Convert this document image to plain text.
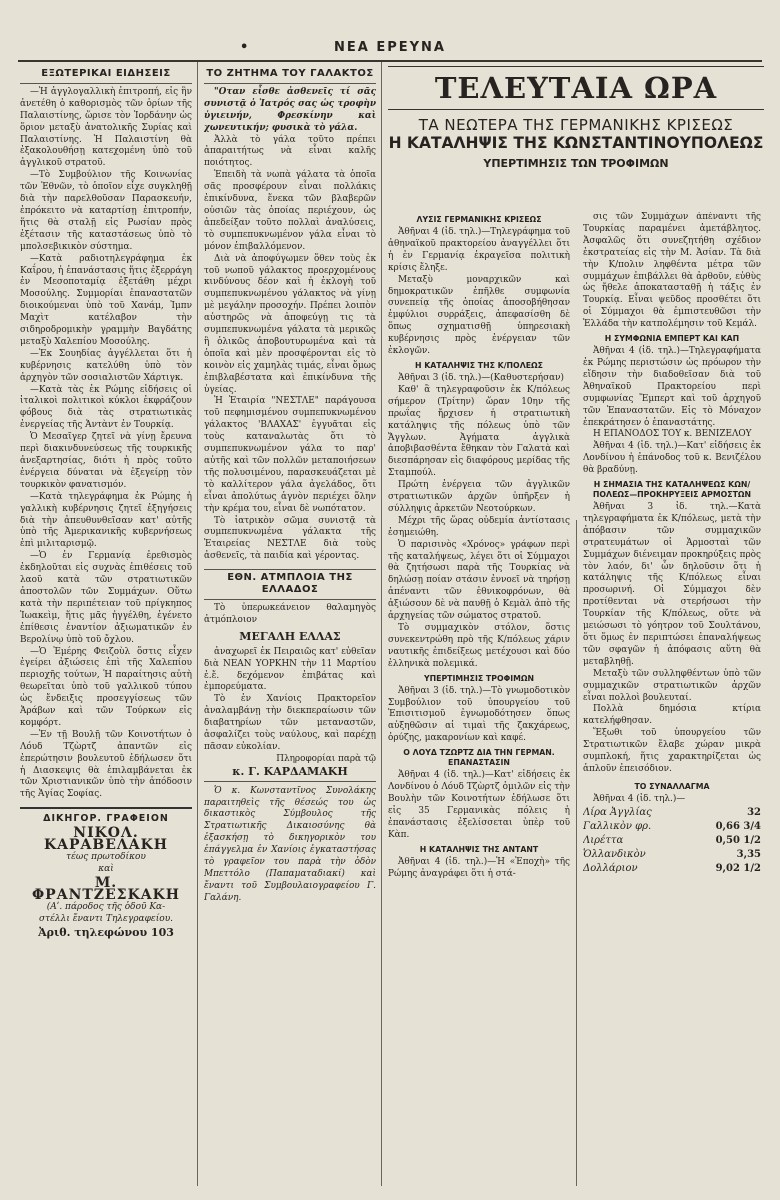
•	ΝΕΑ ΕΡΕΥΝΑ
ΕΞΩΤΕΡΙΚΑΙ ΕΙΔΗΣΕΙΣ

—Ἡ ἀγγλογαλλικὴ ἐπιτροπή, εἰς ἣν ἀνετέθη ὁ καθορισμὸς τῶν ὁρίων τῆς Παλαιστίνης, ὥρισε τὸν Ἰορδάνην ὡς ὅριον μεταξὺ ἀνατολικῆς Συρίας καὶ Παλαιστίνης. Ἡ Παλαιστίνη θὰ ἐξακολουθήσῃ κατεχομένη ὑπὸ τοῦ ἀγγλικοῦ στρατοῦ.

—Τὸ Συμβούλιον τῆς Κοινωνίας τῶν Ἐθνῶν, τὸ ὁποῖον εἶχε συγκληθῇ διὰ τὴν παρελθοῦσαν Παρασκευήν, ἐπρόκειτο νὰ καταρτίσῃ ἐπιτροπήν, ἥτις θὰ σταλῇ εἰς Ρωσίαν πρὸς ἐξέτασιν τῆς καταστάσεως ὑπὸ τὸ μπολσεβικικὸν σύστημα.

—Κατὰ ραδιοτηλεγράφημα ἐκ Καΐρου, ἡ ἐπανάστασις ἥτις ἐξερράγη ἐν Μεσοποταμίᾳ ἐξετάθη μέχρι Μοσούλης. Συμμορίαι ἐπαναστατῶν διοικούμεναι ὑπὸ τοῦ Χανάμ, Ἰμπν Μαχὶτ κατέλαβον τὴν σιδηροδρομικὴν γραμμὴν Βαγδάτης μεταξὺ Χαλεπίου Μοσούλης.

—Ἐκ Σουηδίας ἀγγέλλεται ὅτι ἡ κυβέρνησις κατελύθη ὑπὸ τὸν ἀρχηγὸν τῶν σοσιαλιστῶν Χάρτιγκ.

—Κατὰ τὰς ἐκ Ρώμης εἰδήσεις οἱ ἰταλικοὶ πολιτικοὶ κύκλοι ἐκφράζουν φόβους διὰ τὰς στρατιωτικὰς ἐνεργείας τῆς Ἀντὰντ ἐν Τουρκίᾳ.

Ὁ Μεσαῖγερ ζητεῖ νὰ γίνῃ ἔρευνα περὶ διακινδυνεύσεως τῆς τουρκικῆς ἀνεξαρτησίας, διότι ἡ πρὸς τοῦτο ἐνέργεια δύναται νὰ ἐξεγείρῃ τὸν τουρκικὸν φανατισμόν.

—Κατὰ τηλεγράφημα ἐκ Ρώμης ἡ γαλλικὴ κυβέρνησις ζητεῖ ἐξηγήσεις διὰ τὴν ἀπευθυνθεῖσαν κατ' αὐτῆς ὑπὸ τῆς Ἀμερικανικῆς κυβερνήσεως ἐπὶ μιλιταρισμῷ.

—Ὁ ἐν Γερμανίᾳ ἐρεθισμὸς ἐκδηλοῦται εἰς συχνὰς ἐπιθέσεις τοῦ λαοῦ κατὰ τῶν στρατιωτικῶν ἀποστολῶν τῶν Συμμάχων. Οὕτω κατὰ τὴν περιπέτειαν τοῦ πρίγκηπος Ἰωακεὶμ, ἥτις μᾶς ἠγγέλθη, ἐγένετο ἐπίθεσις ἐναντίον ἀξιωματικῶν ἐν Βερολίνῳ ὑπὸ τοῦ ὄχλου.

—Ὁ Ἐμέρης Φειζοὺλ ὅστις εἶχεν ἐγείρει ἀξιώσεις ἐπὶ τῆς Χαλεπίου περιοχῆς τούτων, Ἡ παραίτησις αὐτὴ θεωρεῖται ὑπὸ τοῦ γαλλικοῦ τύπου ὡς ἔνδειξις προσεγγίσεως τῶν Ἀράβων καὶ τῶν Τούρκων εἰς κομφόρτ.

—Ἐν τῇ Βουλῇ τῶν Κοινοτήτων ὁ Λόυδ Τζὼρτζ ἀπαντῶν εἰς ἐπερώτησιν βουλευτοῦ ἐδήλωσεν ὅτι ἡ Διασκεψις θὰ ἐπιλαμβάνεται ἐκ τῶν Χριστιανικῶν ὑπὸ τὴν ἀπόδοσιν τῆς Ἁγίας Σοφίας.

ΔΙΚΗΓΟΡ. ΓΡΑΦΕΙΟΝ
ΝΙΚΟΛ. ΚΑΡΑΒΕΛΑΚΗ
τέως πρωτοδίκου
καὶ
Μ. ΦΡΑΝΤΖΕΣΚΑΚΗ
(Αʹ. πάροδος τῆς ὁδοῦ Κα-
στέλλι ἔναντι Τηλεγραφείου.
Ἀριθ. τηλεφώνου 103
ΤΟ ΖΗΤΗΜΑ ΤΟΥ ΓΑΛΑΚΤΟΣ

"Οταν εἶσθε ἀσθενεῖς τί σᾶς συνιστᾷ ὁ Ἰατρός σας ὡς τροφὴν ὑγιεινήν, Φρεσκίνην καὶ χωνευτικήν; φυσικὰ τὸ γάλα.

Ἀλλὰ τὸ γάλα τοῦτο πρέπει ἀπαραιτήτως νὰ εἶναι καλῆς ποιότητος.

Ἐπειδὴ τὰ νωπὰ γάλατα τὰ ὁποῖα σᾶς προσφέρουν εἶναι πολλάκις ἐπικίνδυνα, ἕνεκα τῶν βλαβερῶν οὐσιῶν τὰς ὁποίας περιέχουν, ὡς ἀπεδείξαν τοῦτο πολλαὶ ἀναλύσεις, τὸ συμπεπυκνωμένον γάλα εἶναι τὸ μόνον ἐπιβαλλόμενον.

Διὰ νὰ ἀποφύγωμεν ὅθεν τοὺς ἐκ τοῦ νωποῦ γάλακτος προερχομένους κινδύνους δέον καὶ ἡ ἐκλογὴ τοῦ συμπεπυκνωμένου γάλακτος νὰ γίνῃ μὲ μεγάλην προσοχήν. Πρέπει λοιπὸν αὐστηρῶς νὰ ἀποφεύγῃ τις τὰ συμπεπυκνωμένα γάλατα τὰ μερικῶς ἢ ὁλικῶς ἀποβουτυρωμένα καὶ τὰ ὁποῖα καὶ μὲν προσφέρονται εἰς τὸ κοινὸν εἰς χαμηλὰς τιμάς, εἶναι ὅμως ἐπιβλαβέστατα καὶ ἐπικίνδυνα τῆς ὑγείας.

Ἡ Ἑταιρία "ΝΕΣΤΛΕ" παράγουσα τοῦ πεφημισμένου συμπεπυκνωμένου γάλακτος 'ΒΛΑΧΑΣ' ἐγγυᾶται εἰς τοὺς καταναλωτὰς ὅτι τὸ συμπεπυκνωμένον γάλα το παρ' αὐτῆς καὶ τῶν πολλῶν μεταποιήσεων τῆς πολυσιμένου, παρασκευάζεται μὲ τὸ καλλίτερον γάλα ἀγελάδος, ὅτι εἶναι ἀπολύτως ἁγνὸν περιέχει ὅλην τὴν κρέμα του, εἶναι δὲ νωπότατον.

Τὸ ἰατρικὸν σῶμα συνιστᾷ τὰ συμπεπυκνωμένα γάλακτα τῆς Ἑταιρείας ΝΕΣΤΛΕ διὰ τοὺς ἀσθενεῖς, τὰ παιδία καὶ γέροντας.

ΕΘΝ. ΑΤΜΠΛΟΙΑ ΤΗΣ ΕΛΛΑΔΟΣ

Τὸ ὑπερωκεάνειον θαλαμηγὸς ἀτμόπλοιον

ΜΕΓΑΛΗ ΕΛΛΑΣ

ἀναχωρεῖ ἐκ Πειραιῶς κατ' εὐθεῖαν διὰ ΝΕΑΝ ΥΟΡΚΗΝ τὴν 11 Μαρτίου ἐ.ἔ. δεχόμενον ἐπιβάτας καὶ ἐμπορεύματα.

Τὸ ἐν Χανίοις Πρακτορεῖον ἀναλαμβάνῃ τὴν διεκπεραίωσιν τῶν διαβατηρίων τῶν μεταναστῶν, ἀσφαλίζει τοὺς ναύλους, καὶ παρέχῃ πᾶσαν εὐκολίαν.

Πληροφορίαι παρὰ τῷ

κ. Γ. ΚΑΡΔΑΜΑΚΗ

Ὁ κ. Κωνσταντῖνος Συνολάκης παραιτηθεὶς τῆς θέσεώς του ὡς δικαστικὸς Σύμβουλος τῆς Στρατιωτικῆς Δικαιοσύνης θὰ ἐξασκήσῃ τὸ δικηγορικὸν του ἐπάγγελμα ἐν Χανίοις ἐγκαταστήσας τὸ γραφεῖον του παρὰ τὴν ὁδὸν Μπεττόλο (Παπαματαδιακί) καὶ ἔναντι τοῦ Συμβουλαιογραφείου Γ. Γαλάνη.

ΤΕΛΕΥΤΑΙΑ ΩΡΑ
ΤΑ ΝΕΩΤΕΡΑ ΤΗΣ ΓΕΡΜΑΝΙΚΗΣ ΚΡΙΣΕΩΣ
Η ΚΑΤΑΛΗΨΙΣ ΤΗΣ ΚΩΝΣΤΑΝΤΙΝΟΥΠΟΛΕΩΣ
ΥΠΕΡΤΙΜΗΣΙΣ ΤΩΝ ΤΡΟΦΙΜΩΝ
ΛΥΣΙΣ ΓΕΡΜΑΝΙΚΗΣ ΚΡΙΣΕΩΣ

Ἀθῆναι 4 (ἰδ. τηλ.)—Τηλεγράφημα τοῦ ἀθηναϊκοῦ πρακτορείου ἀναγγέλλει ὅτι ἡ ἐν Γερμανίᾳ ἐκραγεῖσα πολιτικὴ κρίσις ἔληξε.

Μεταξὺ μοναρχικῶν καὶ δημοκρατικῶν ἐπῆλθε συμφωνία συνεπείᾳ τῆς ὁποίας ἀποσοβήθησαν ἐμφύλιοι συρράξεις, ἀπεφασίσθη δὲ ὅπως σχηματισθῇ ὑπηρεσιακὴ κυβέρνησις πρὸς ἐνέργειαν τῶν ἐκλογῶν.

Η ΚΑΤΑΛΗΨΙΣ ΤΗΣ Κ/ΠΟΛΕΩΣ

Ἀθῆναι 3 (ἰδ. τηλ.)—(Καθυστερήσαν)

Καθ' ἃ τηλεγραφοῦσιν ἐκ Κ/πόλεως σήμερον (Τρίτην) ὥραν 10ην τῆς πρωΐας ἤρχισεν ἡ στρατιωτικὴ κατάληψις τῆς πόλεως ὑπὸ τῶν Ἄγγλων. Ἀγήματα ἀγγλικὰ ἀποβιβασθέντα ἔθηκαν τὸν Γαλατὰ καὶ διεσπάρησαν εἰς διαφόρους μερίδας τῆς Σταμπούλ.

Πρώτη ἐνέργεια τῶν ἀγγλικῶν στρατιωτικῶν ἀρχῶν ὑπῆρξεν ἡ σύλληψις ἀρκετῶν Νεοτούρκων.

Μέχρι τῆς ὥρας οὐδεμία ἀντίστασις ἐσημειώθη.

Ὁ παρισινὸς «Χρόνος» γράφων περὶ τῆς καταλήψεως, λέγει ὅτι οἱ Σύμμαχοι θὰ ζητήσωσι παρὰ τῆς Τουρκίας νὰ δηλώσῃ ποίαν στάσιν ἐννοεῖ νὰ τηρήσῃ ἀπέναντι τῶν ἐθνικοφρόνων, θὰ ἀξιώσουν δὲ νὰ παυθῇ ὁ Κεμὰλ ἀπὸ τῆς ἀρχηγείας τῶν σώματος στρατοῦ.

Τὸ συμμαχικὸν στόλον, ὅστις συνεκεντρώθη πρὸ τῆς Κ/πόλεως χάριν ναυτικῆς ἐπιδείξεως μετέχουσι καὶ δύο ἑλληνικὰ πολεμικά.

ΥΠΕΡΤΙΜΗΣΙΣ ΤΡΟΦΙΜΩΝ

Ἀθῆναι 3 (ἰδ. τηλ.)—Τὸ γνωμοδοτικὸν Συμβούλιον τοῦ ὑπουργείου τοῦ Ἐπισιτισμοῦ ἐγνωμοδότησεν ὅπως αὐξηθῶσιν αἱ τιμαὶ τῆς ζακχάρεως, ὀρύζης, μακαρονίων καὶ καφέ.

Ο ΛΟΥΔ ΤΖΩΡΤΖ ΔΙΑ ΤΗΝ ΓΕΡΜΑΝ. ΕΠΑΝΑΣΤΑΣΙΝ

Ἀθῆναι 4 (ἰδ. τηλ.)—Κατ' εἰδήσεις ἐκ Λονδίνου ὁ Λόυδ Τζὼρτζ ὁμιλῶν εἰς τὴν Βουλὴν τῶν Κοινοτήτων ἐδήλωσε ὅτι εἰς 35 Γερμανικὰς πόλεις ἡ ἐπανάστασις ἐξελίσσεται ὑπὲρ τοῦ Κὰπ.

Η ΚΑΤΑΛΗΨΙΣ ΤΗΣ ΑΝΤΑΝΤ

Ἀθῆναι 4 (ἰδ. τηλ.)—Ἡ «Ἐποχὴ» τῆς Ρώμης ἀναγράφει ὅτι ἡ στά-

σις τῶν Συμμάχων ἀπέναντι τῆς Τουρκίας παραμένει ἀμετάβλητος. Ἀσφαλῶς ὅτι συνεζητήθη σχέδιον ἐκστρατείας εἰς τὴν Μ. Ἀσίαν. Τὰ διὰ τὴν Κ/πολιν ληφθέντα μέτρα τῶν συμμάχων ἐπιβάλλει θὰ ἀρθοῦν, εὐθὺς ὡς ἤθελε ἀποκατασταθῇ ἡ τάξις ἐν Τουρκίᾳ. Εἶναι ψεῦδος προσθέτει ὅτι οἱ Σύμμαχοι θὰ ἐμπιστευθῶσι τὴν Ἑλλάδα τὴν κατπολέμησιν τοῦ Κεμάλ.

Η ΣΥΜΦΩΝΙΑ ΕΜΠΕΡΤ ΚΑΙ ΚΑΠ

Ἀθῆναι 4 (ἰδ. τηλ.)—Τηλεγραφήματα ἐκ Ρώμης περιστώσιν ὡς πρόωρον τὴν εἴδησιν τὴν διαδοθεῖσαν διὰ τοῦ Ἀθηναϊκοῦ Πρακτορείου περὶ συμφωνίας Ἔμπερτ καὶ τοῦ ἀρχηγοῦ τῶν Ἐπαναστατῶν. Εἰς τὸ Μόναχον ἐπεκράτησεν ὁ ἐπαναστάτης.

Η ΕΠΑΝΟΔΟΣ ΤΟΥ κ. ΒΕΝΙΖΕΛΟΥ

Ἀθῆναι 4 (ἰδ. τηλ.)—Κατ' εἰδήσεις ἐκ Λονδίνου ἡ ἐπάνοδος τοῦ κ. Βενιζέλου θὰ βραδύνῃ.

Η ΣΗΜΑΣΙΑ ΤΗΣ ΚΑΤΑΛΗΨΕΩΣ ΚΩΝ/ΠΟΛΕΩΣ—ΠΡΟΚΗΡΥΞΕΙΣ ΑΡΜΟΣΤΩΝ

Ἀθῆναι 3 ἰδ. τηλ.—Κατὰ τηλεγραφήματα ἐκ Κ/πόλεως, μετὰ τὴν ἀπόβασιν τῶν συμμαχικῶν στρατευμάτων οἱ Ἁρμοσταὶ τῶν Συμμάχων διένειμαν προκηρύξεις πρὸς τὸν λαόν, δι' ὧν δηλοῦσιν ὅτι ἡ κατάληψις τῆς Κ/πόλεως εἶναι προσωρινή. Οἱ Σύμμαχοι δὲν προτίθενται νὰ στερήσωσι τὴν Τουρκίαν τῆς Κ/πόλεως, οὔτε νὰ μειώσωσι τὸ γόητρον τοῦ Σουλτάνου, ὅτι ὅμως ἐν περιπτώσει ἐπαναλήψεως τῶν σφαγῶν ἡ ἀπόφασις αὕτη θὰ μεταβληθῇ.

Μεταξὺ τῶν συλληφθέντων ὑπὸ τῶν συμμαχικῶν στρατιωτικῶν ἀρχῶν εἶναι πολλοὶ βουλευταί.

Πολλὰ δημόσια κτίρια κατελήφθησαν.

Ἔξωθι τοῦ ὑπουργείου τῶν Στρατιωτικῶν ἔλαβε χώραν μικρὰ συμπλοκή, ἥτις χαρακτηρίζεται ὡς ἁπλοῦν ἐπεισόδιον.

ΤΟ ΣΥΝΑΛΛΑΓΜΑ

Ἀθῆναι 4 (ἰδ. τηλ.)—

Λίρα Ἀγγλίας	32
Γαλλικὸν φρ.	0,66 3/4
Λιρέττα	0,50 1/2
Ὁλλανδικὸν	3,35
Δολλάριον	9,02 1/2
